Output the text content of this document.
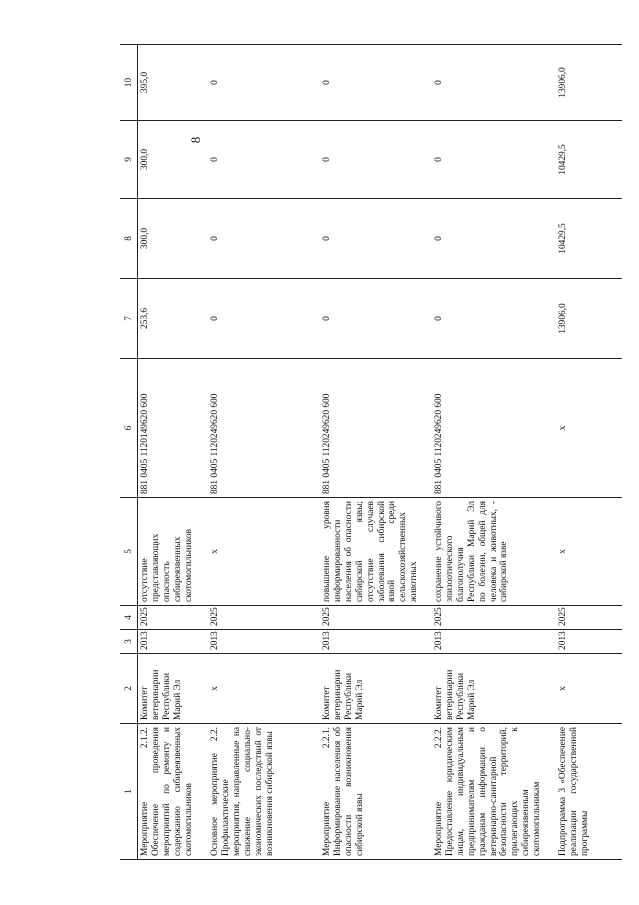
8
1	2	3	4	5	6	7	8	9	10
Мероприятие 2.1.2. Обеспечение проведения мероприятий по ремонту и содержанию сибиреязвенных скотомогильников	Комитет ветеринарии Республики Марий Эл	2013	2025	отсутствие представляющих опасность сибиреязвенных скотомогильников	881 0405 1120149620 600	253,6	300,0	300,0	395,0
Основное мероприятие 2.2. Профилактические мероприятия, направленные на снижение социально-экономических последствий от возникновения сибирской язвы	х	2013	2025	х	881 0405 1120249620 600	0	0	0	0
Мероприятие 2.2.1. Информирование населения об опасности возникновения сибирской язвы	Комитет ветеринарии Республики Марий Эл	2013	2025	повышение уровня информированности населения об опасности сибирской язвы; отсутствие случаев заболевания сибирской язвой среди сельскохозяйственных животных	881 0405 1120249620 600	0	0	0	0
Мероприятие 2.2.2. Предоставление юридическим лицам, индивидуальным предпринимателям и гражданам информации о ветеринарно-санитарной безопасности территорий, прилегающих к сибиреязвенным скотомогильникам	Комитет ветеринарии Республики Марий Эл	2013	2025	сохранение устойчивого эпизоотического благополучия Республики Марий Эл по болезни, общей для человека и животных, - сибирской язве	881 0405 1120249620 600	0	0	0	0
Подпрограмма 3 «Обеспечение реализации государственной программы	х	2013	2025	х	х	13906,0	10429,5	10429,5	13906,0
